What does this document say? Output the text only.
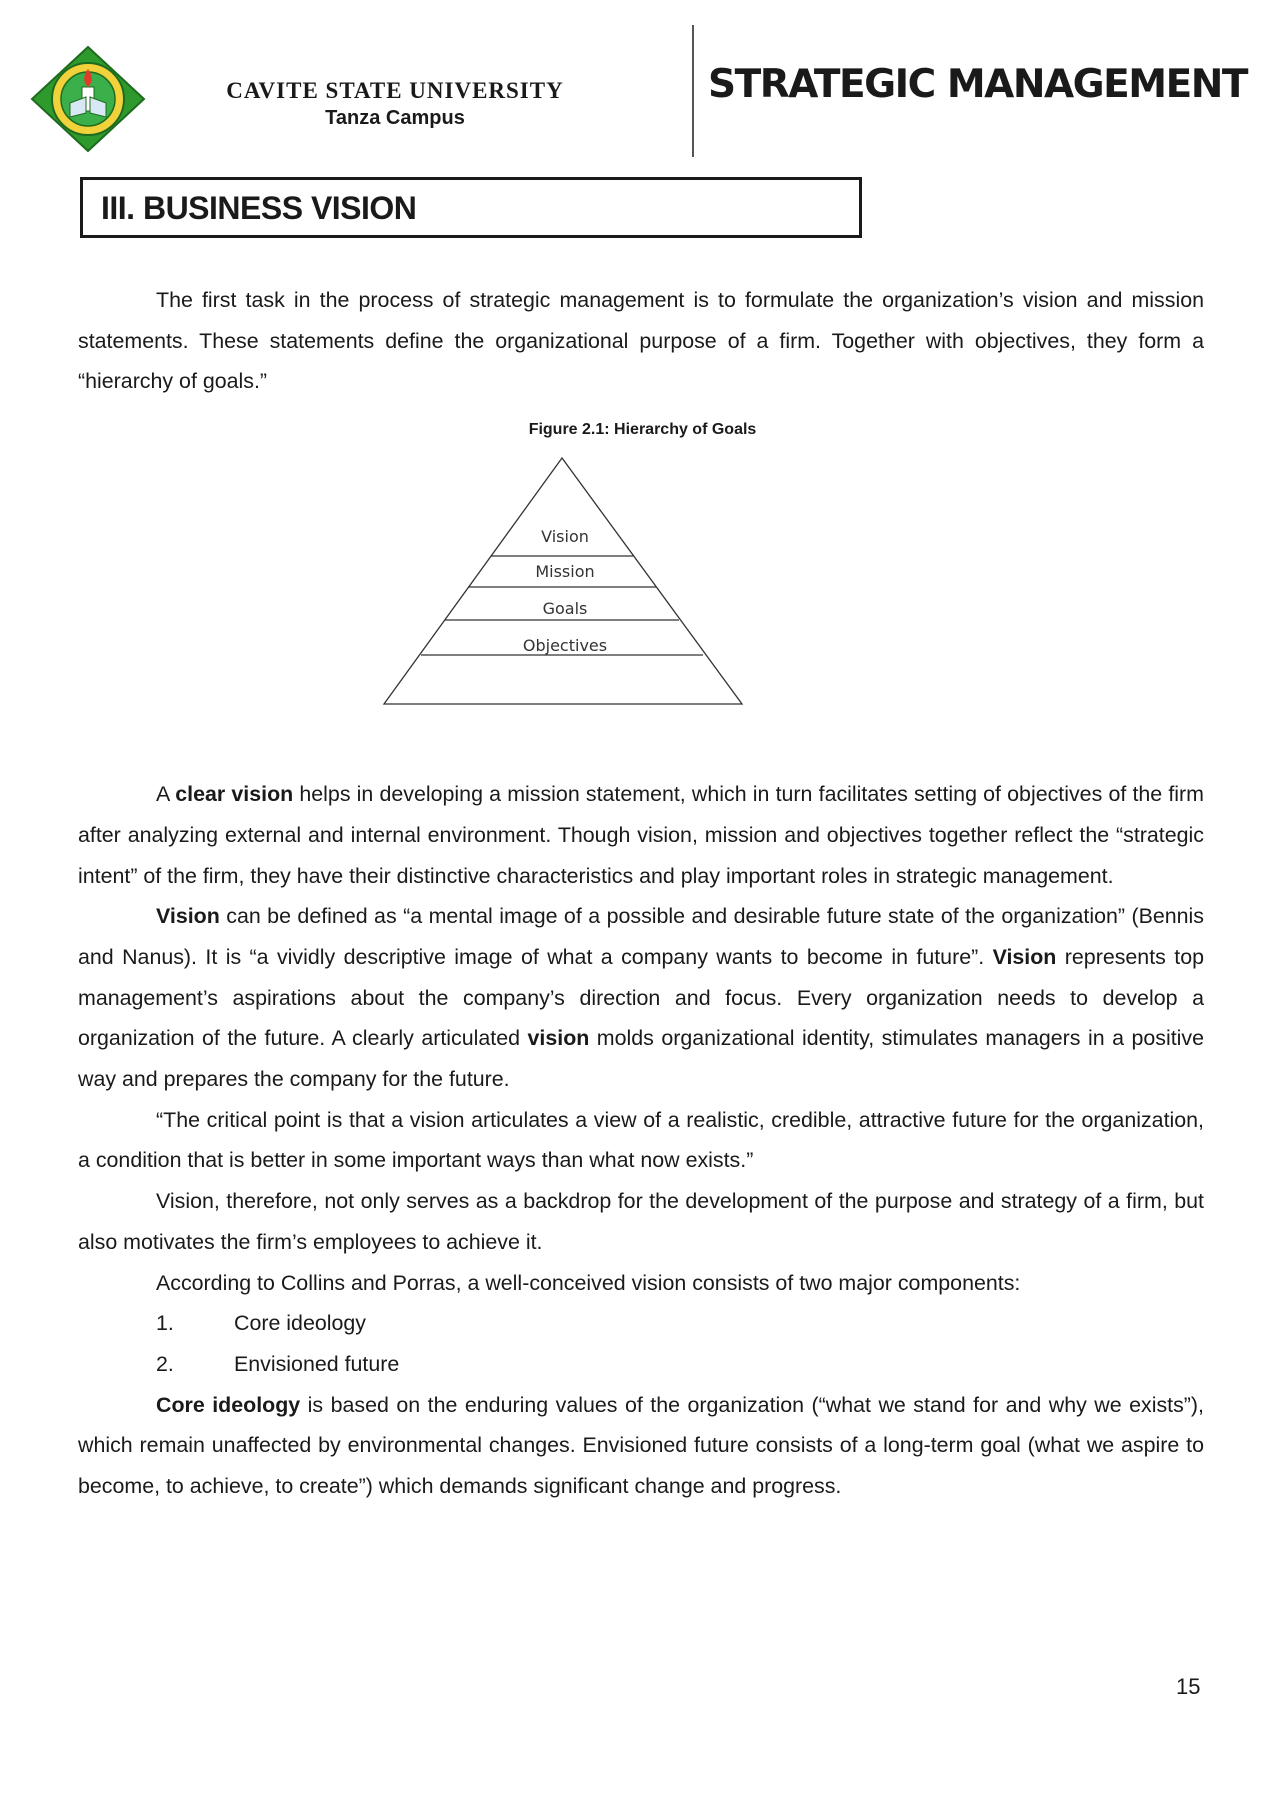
CAVITE STATE UNIVERSITY
Tanza Campus
STRATEGIC MANAGEMENT
III. BUSINESS VISION

The first task in the process of strategic management is to formulate the organization’s vision and mission statements. These statements define the organizational purpose of a firm. Together with objectives, they form a “hierarchy of goals.”

Figure 2.1: Hierarchy of Goals
Vision
Mission
Goals
Objectives

A clear vision helps in developing a mission statement, which in turn facilitates setting of objectives of the firm after analyzing external and internal environment. Though vision, mission and objectives together reflect the “strategic intent” of the firm, they have their distinctive characteristics and play important roles in strategic management.

Vision can be defined as “a mental image of a possible and desirable future state of the organization” (Bennis and Nanus). It is “a vividly descriptive image of what a company wants to become in future”. Vision represents top management’s aspirations about the company’s direction and focus. Every organization needs to develop a organization of the future. A clearly articulated vision molds organizational identity, stimulates managers in a positive way and prepares the company for the future.

“The critical point is that a vision articulates a view of a realistic, credible, attractive future for the organization, a condition that is better in some important ways than what now exists.”

Vision, therefore, not only serves as a backdrop for the development of the purpose and strategy of a firm, but also motivates the firm’s employees to achieve it.

According to Collins and Porras, a well-conceived vision consists of two major components:

1.	Core ideology
2.	Envisioned future

Core ideology is based on the enduring values of the organization (“what we stand for and why we exists”), which remain unaffected by environmental changes. Envisioned future consists of a long-term goal (what we aspire to become, to achieve, to create”) which demands significant change and progress.

15
